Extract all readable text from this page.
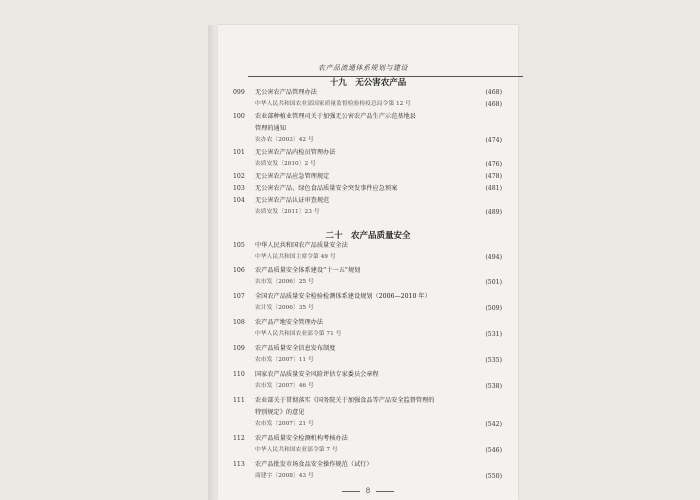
农产品流通体系规划与建设
十九　无公害农产品
099	无公害农产品管理办法	(468)
中华人民共和国农业部国家质量监督检验检疫总局令第 12 号	(468)
100	农业部种植业管理司关于加强无公害农产品生产示范基地县
管理的通知
农办农〔2003〕42 号	(474)
101	无公害农产品内检员管理办法
农质安发〔2010〕2 号	(476)
102	无公害农产品应急管理规定	(478)
103	无公害农产品、绿色食品质量安全突发事件应急预案	(481)
104	无公害农产品认证审查规范
农质安发〔2011〕23 号	(489)
二十　农产品质量安全
105	中华人民共和国农产品质量安全法
中华人民共和国主席令第 49 号	(494)
106	农产品质量安全体系建设“十一五”规划
农市发〔2006〕25 号	(501)
107	全国农产品质量安全检验检测体系建设规划（2006—2010 年）
农计发〔2006〕35 号	(509)
108	农产品产地安全管理办法
中华人民共和国农业部令第 71 号	(531)
109	农产品质量安全信息发布制度
农市发〔2007〕11 号	(535)
110	国家农产品质量安全风险评估专家委员会章程
农市发〔2007〕46 号	(538)
111	农业部关于贯彻落实《国务院关于加强食品等产品安全监督管理的
特别规定》的意见
农市发〔2007〕21 号	(542)
112	农产品质量安全检测机构考核办法
中华人民共和国农业部令第 7 号	(546)
113	农产品批发市场食品安全操作规范（试行）
商建字〔2008〕43 号	(550)
8
